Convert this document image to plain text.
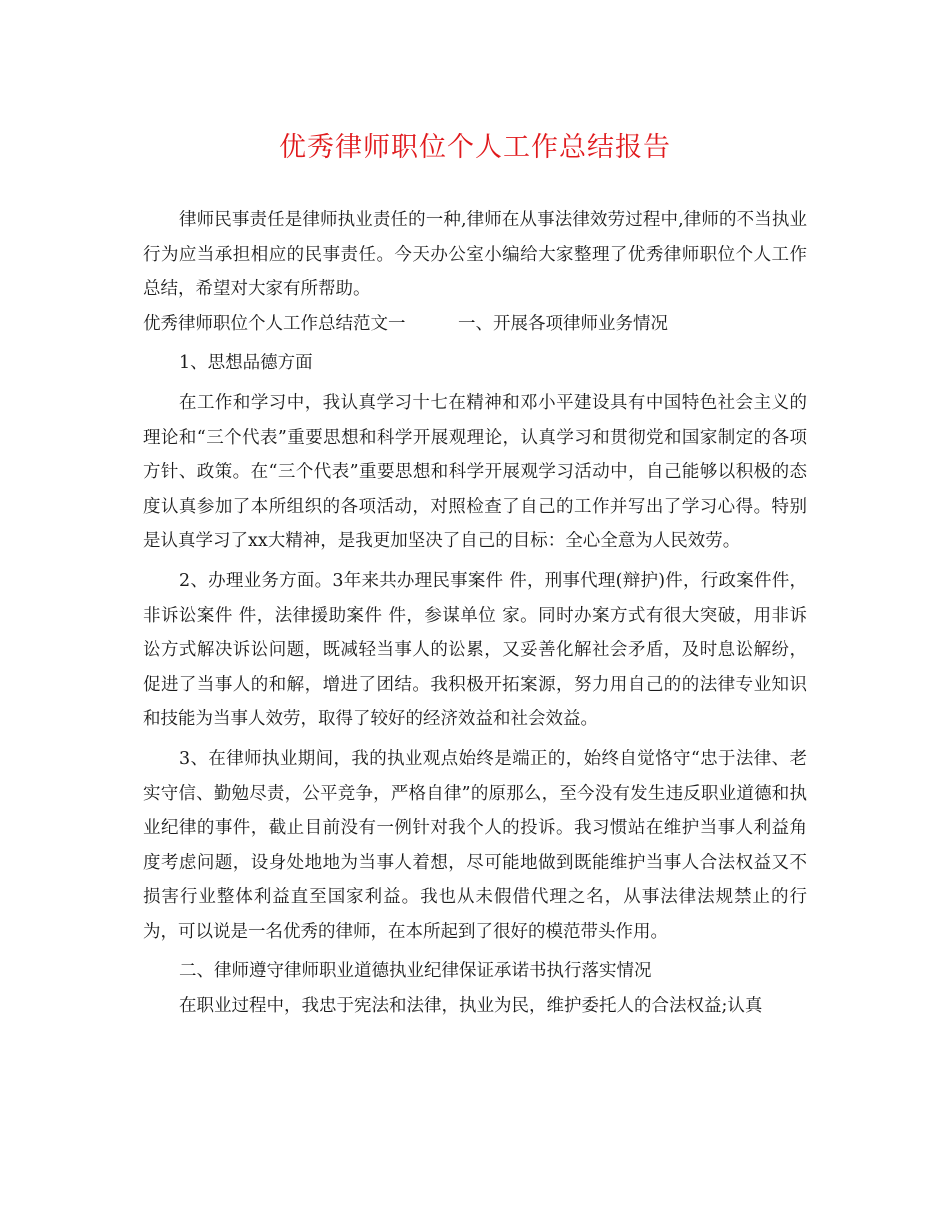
优秀律师职位个人工作总结报告

律师民事责任是律师执业责任的一种,律师在从事法律效劳过程中,律师的不当执业行为应当承担相应的民事责任。今天办公室小编给大家整理了优秀律师职位个人工作总结，希望对大家有所帮助。

优秀律师职位个人工作总结范文一　　　一、开展各项律师业务情况

1、思想品德方面

在工作和学习中，我认真学习十七在精神和邓小平建设具有中国特色社会主义的理论和“三个代表”重要思想和科学开展观理论，认真学习和贯彻党和国家制定的各项方针、政策。在“三个代表”重要思想和科学开展观学习活动中，自己能够以积极的态度认真参加了本所组织的各项活动，对照检查了自己的工作并写出了学习心得。特别是认真学习了xx大精神，是我更加坚决了自己的目标：全心全意为人民效劳。

2、办理业务方面。3年来共办理民事案件 件，刑事代理(辩护)件，行政案件件，非诉讼案件 件，法律援助案件 件，参谋单位 家。同时办案方式有很大突破，用非诉讼方式解决诉讼问题，既减轻当事人的讼累，又妥善化解社会矛盾，及时息讼解纷，促进了当事人的和解，增进了团结。我积极开拓案源，努力用自己的的法律专业知识和技能为当事人效劳，取得了较好的经济效益和社会效益。

3、在律师执业期间，我的执业观点始终是端正的，始终自觉恪守“忠于法律、老实守信、勤勉尽责，公平竞争，严格自律”的原那么，至今没有发生违反职业道德和执业纪律的事件，截止目前没有一例针对我个人的投诉。我习惯站在维护当事人利益角度考虑问题，设身处地地为当事人着想，尽可能地做到既能维护当事人合法权益又不损害行业整体利益直至国家利益。我也从未假借代理之名，从事法律法规禁止的行为，可以说是一名优秀的律师，在本所起到了很好的模范带头作用。

二、律师遵守律师职业道德执业纪律保证承诺书执行落实情况

在职业过程中，我忠于宪法和法律，执业为民，维护委托人的合法权益;认真
